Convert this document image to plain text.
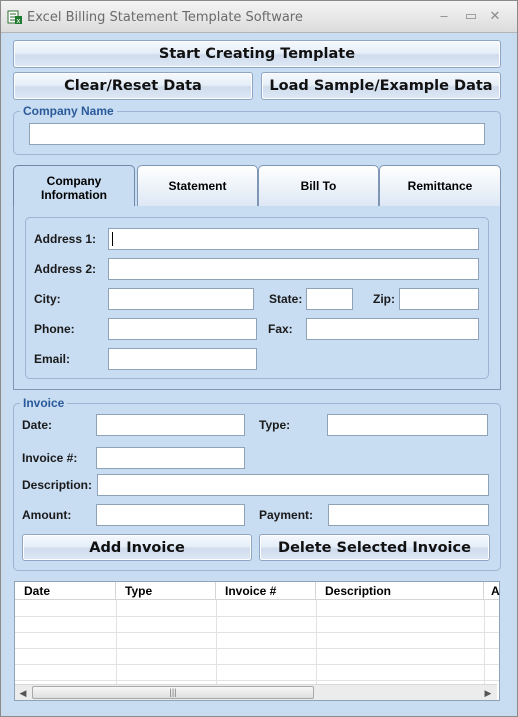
x Excel Billing Statement Template Software	–	▭ ✕
Start Creating Template
Clear/Reset Data	Load Sample/Example Data
Company Name
Company Information
Statement	Bill To	Remittance
Address 1:
Address 2:
City:	State:	Zip:
Phone:	Fax:
Email:
Invoice
Date:	Type:
Invoice #:
Description:
Amount:	Payment:
Add Invoice	Delete Selected Invoice
Date	Type	Invoice #	Description	A
◀	|||	▶
